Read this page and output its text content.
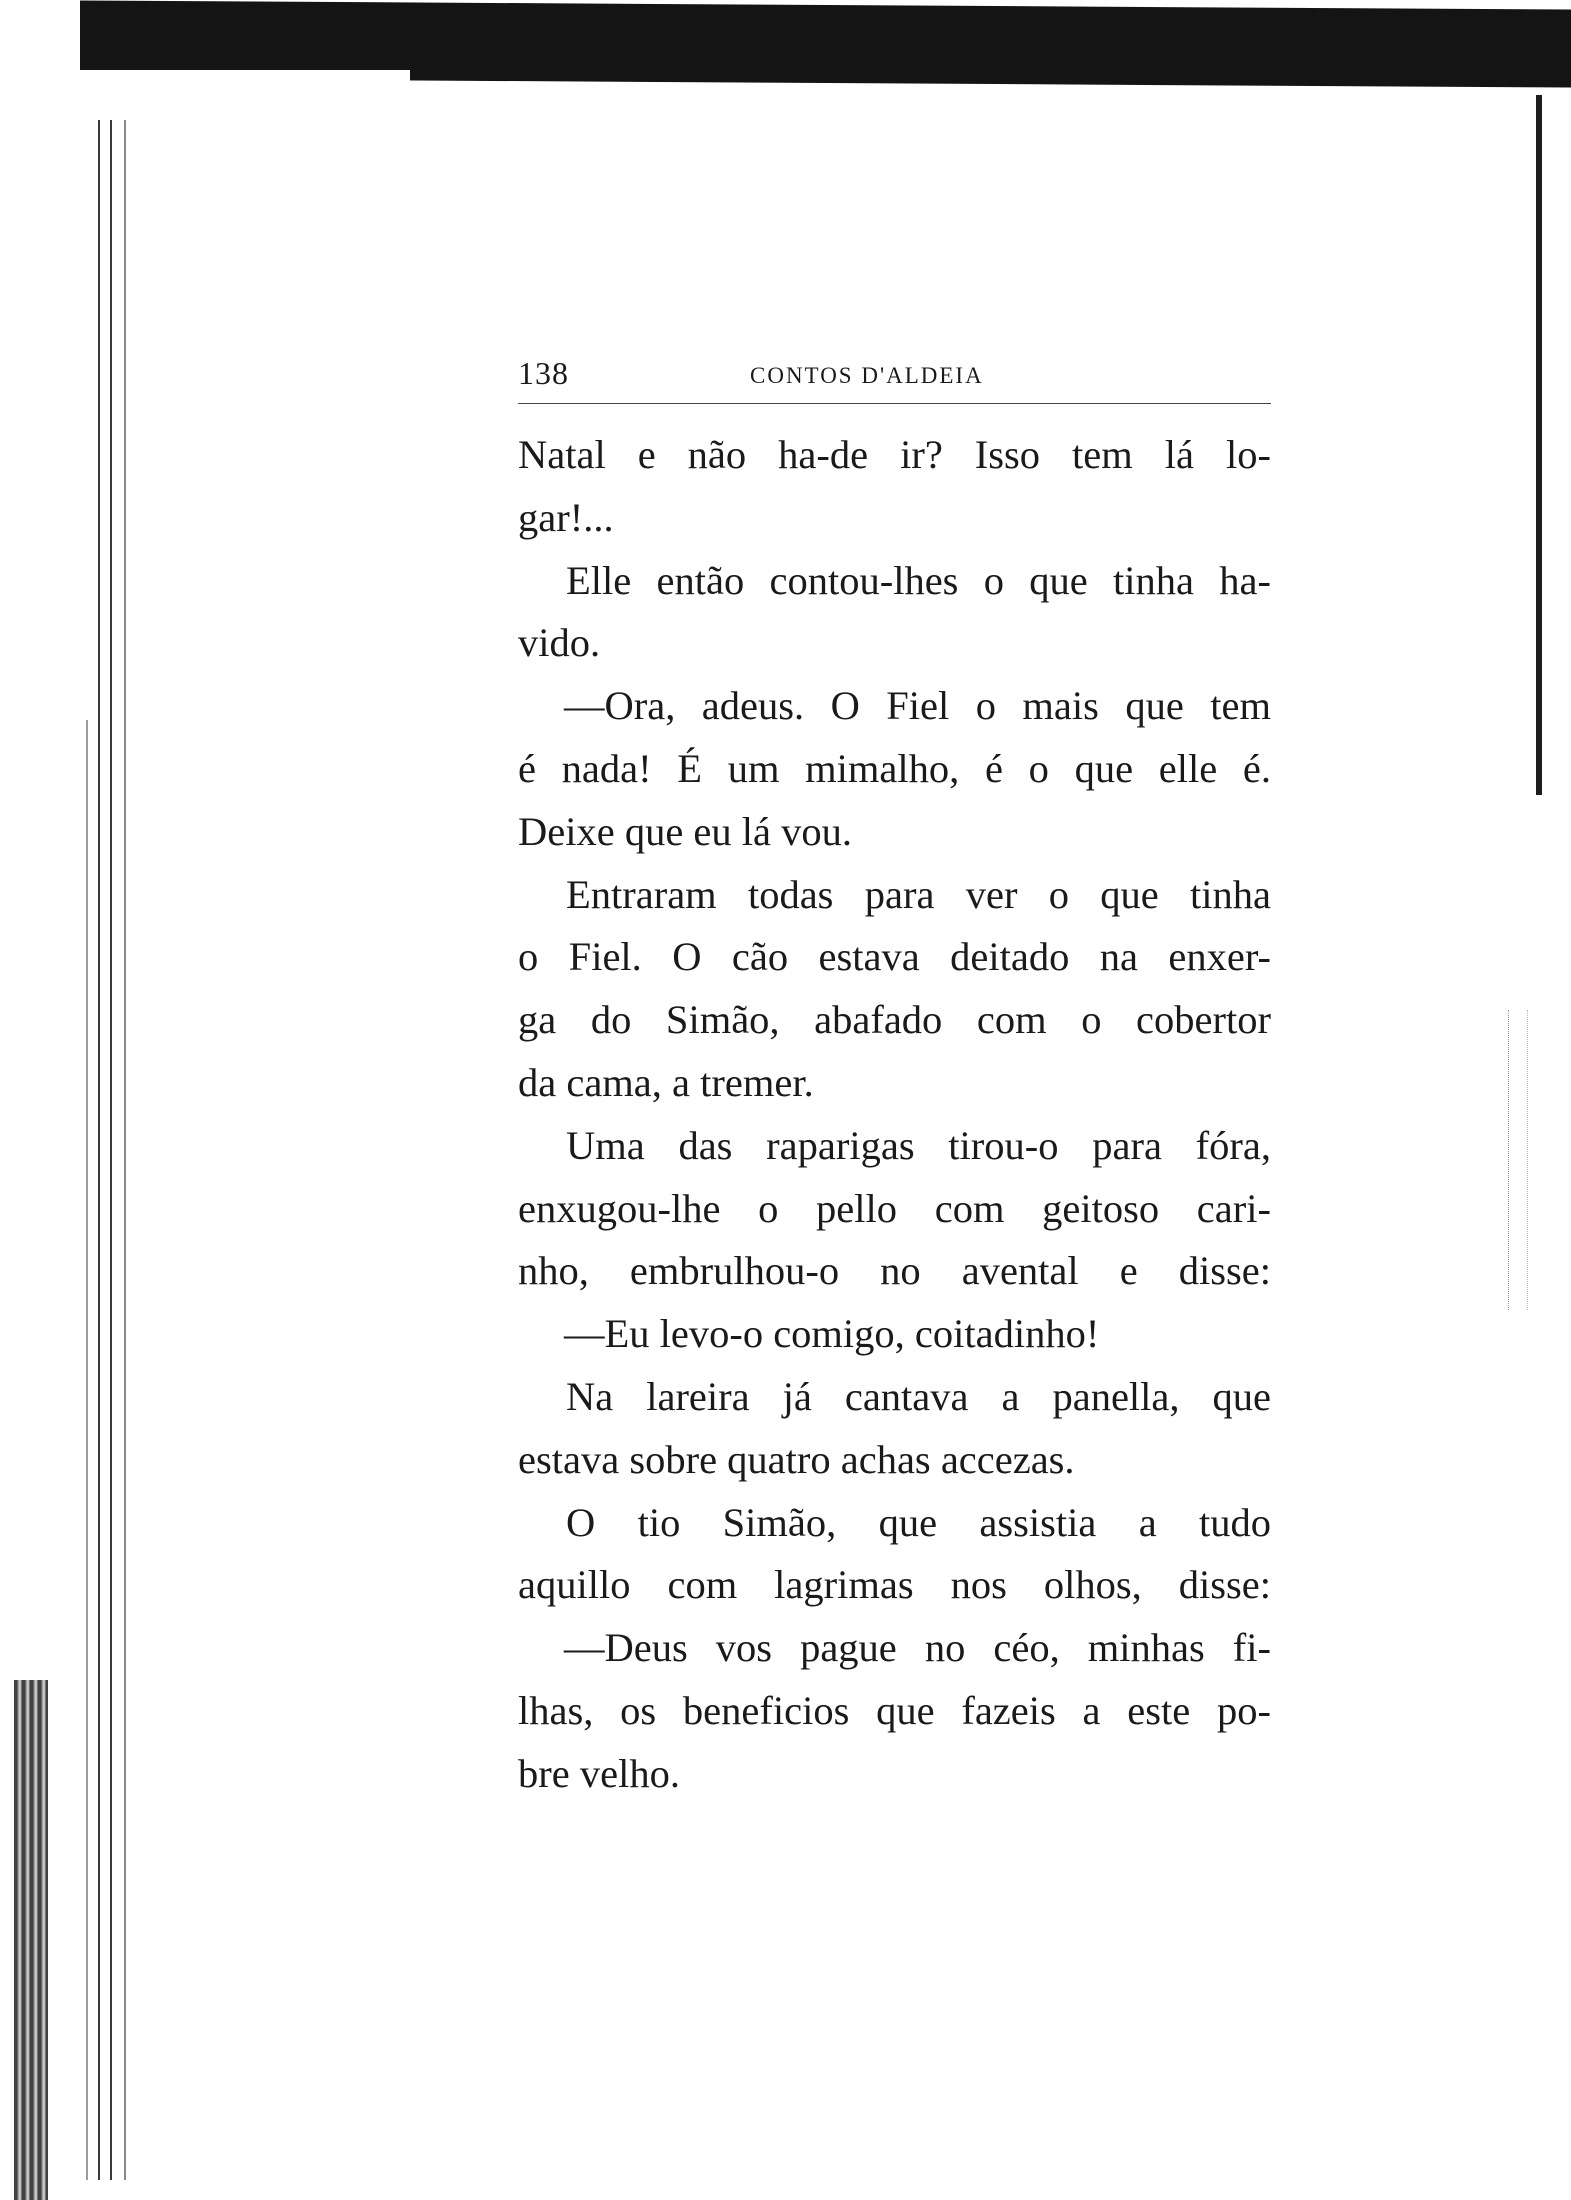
138	CONTOS D'ALDEIA
Natal e não ha-de ir? Isso tem lá lo-
gar!...
Elle então contou-lhes o que tinha ha-
vido.
—Ora, adeus. O Fiel o mais que tem
é nada! É um mimalho, é o que elle é.
Deixe que eu lá vou.
Entraram todas para ver o que tinha
o Fiel. O cão estava deitado na enxer-
ga do Simão, abafado com o cobertor
da cama, a tremer.
Uma das raparigas tirou-o para fóra,
enxugou-lhe o pello com geitoso cari-
nho, embrulhou-o no avental e disse:
—Eu levo-o comigo, coitadinho!
Na lareira já cantava a panella, que
estava sobre quatro achas accezas.
O tio Simão, que assistia a tudo
aquillo com lagrimas nos olhos, disse:
—Deus vos pague no céo, minhas fi-
lhas, os beneficios que fazeis a este po-
bre velho.
